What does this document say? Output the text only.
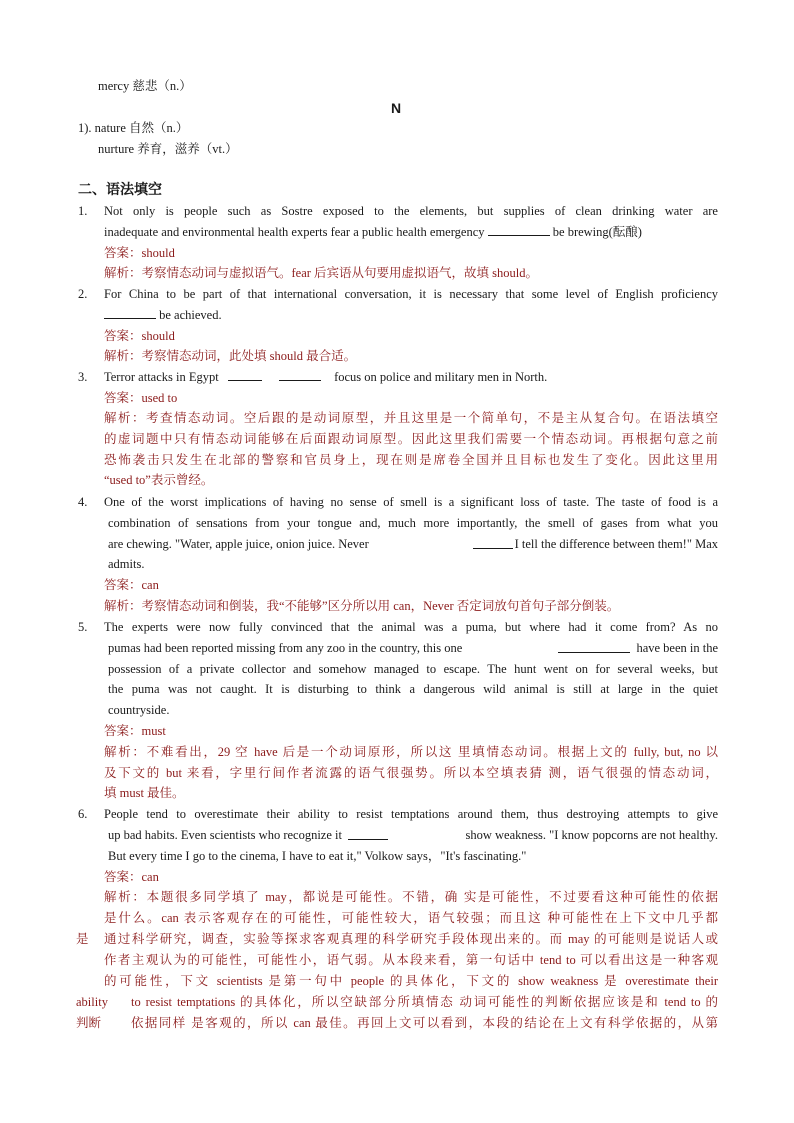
mercy 慈悲（n.）
N
1). nature 自然（n.）
nurture 养育，滋养（vt.）
二、语法填空
1. Not only is people such as Sostre exposed to the elements, but supplies of clean drinking water are
inadequate and environmental health experts fear a public health emergency	be brewing(酝酿)
答案：should
解析：考察情态动词与虚拟语气。fear 后宾语从句要用虚拟语气，故填 should。
2. For China to be part of that international conversation, it is necessary that some level of English proficiency
be achieved.
答案：should
解析：考察情态动词，此处填 should 最合适。
3. Terror attacks in Egypt	focus on police and military men in North.
答案：used to
解析：考查情态动词。空后跟的是动词原型，并且这里是一个简单句，不是主从复合句。在语法填空
的虚词题中只有情态动词能够在后面跟动词原型。因此这里我们需要一个情态动词。再根据句意之前
恐怖袭击只发生在北部的警察和官员身上，现在则是席卷全国并且目标也发生了变化。因此这里用
“used to”表示曾经。
4. One of the worst implications of having no sense of smell is a significant loss of taste. The taste of food is a
combination of sensations from your tongue and, much more importantly, the smell of gases from what you
are chewing. "Water, apple juice, onion juice. Never	I tell the difference between them!" Max
admits.
答案：can
解析：考察情态动词和倒装，我“不能够”区分所以用 can，Never 否定词放句首句子部分倒装。
5. The experts were now fully convinced that the animal was a puma, but where had it come from? As no
pumas had been reported missing from any zoo in the country, this one	have been in the
possession of a private collector and somehow managed to escape. The hunt went on for several weeks, but
the puma was not caught. It is disturbing to think a dangerous wild animal is still at large in the quiet
countryside.
答案：must
解析：不难看出，29 空 have 后是一个动词原形，所以这 里填情态动词。根据上文的 fully, but, no 以
及下文的 but 来看，字里行间作者流露的语气很强势。所以本空填表猜 测，语气很强的情态动词，
填 must 最佳。
6. People tend to overestimate their ability to resist temptations around them, thus destroying attempts to give
up bad habits. Even scientists who recognize it	show weakness. "I know popcorns are not healthy.
But every time I go to the cinema, I have to eat it," Volkow says，"It's fascinating."
答案：can
解析：本题很多同学填了 may，都说是可能性。不错，确 实是可能性，不过要看这种可能性的依据
是什么。can 表示客观存在的可能性，可能性较大，语气较强；而且这 种可能性在上下文中几乎都
是 通过科学研究，调查，实验等探求客观真理的科学研究手段体现出来的。而 may 的可能则是说话人或
作者主观认为的可能性，可能性小，语气弱。从本段来看，第一句话中 tend to 可以看出这是一种客观
的可能性，下文 scientists 是第一句中 people 的具体化，下文的 show weakness 是 overestimate their
ability to resist temptations 的具体化，所以空缺部分所填情态 动词可能性的判断依据应该是和 tend to 的
判断 依据同样 是客观的，所以 can 最佳。再回上文可以看到，本段的结论在上文有科学依据的，从第
